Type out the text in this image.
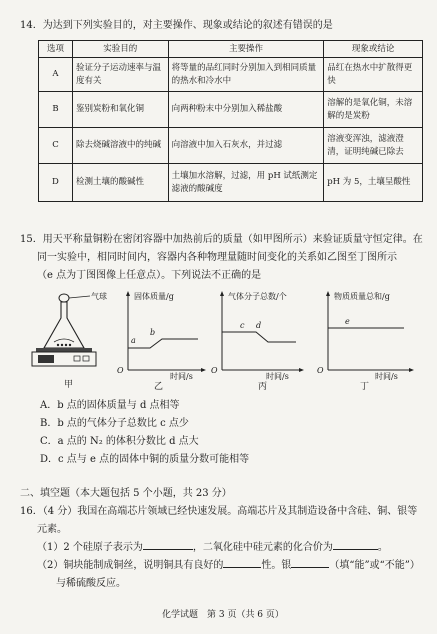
14．为达到下列实验目的，对主要操作、现象或结论的叙述有错误的是
选项	实验目的	主要操作	现象或结论
A	验证分子运动速率与温度有关	将等量的品红同时分别加入到相同质量的热水和冷水中	品红在热水中扩散得更快
B	鉴别炭粉和氧化铜	向两种粉末中分别加入稀盐酸	溶解的是氧化铜，未溶解的是炭粉
C	除去烧碱溶液中的纯碱	向溶液中加入石灰水，并过滤	溶液变浑浊，滤液澄清，证明纯碱已除去
D	检测土壤的酸碱性	土壤加水溶解，过滤，用 pH 试纸测定滤液的酸碱度	pH 为 5，土壤呈酸性
15．用天平称量铜粉在密闭容器中加热前后的质量（如甲图所示）来验证质量守恒定律。在
同一实验中，相同时间内，容器内各种物理量随时间变化的关系如乙图至丁图所示
（e 点为丁图图像上任意点）。下列说法不正确的是
气球
甲
固体质量/g
a
b
O
时间/s
乙
气体分子总数/个
c d
O
时间/s
丙
物质质量总和/g
e
O
时间/s
丁
A．b 点的固体质量与 d 点相等
B．b 点的气体分子总数比 c 点少
C．a 点的 N₂ 的体积分数比 d 点大
D．c 点与 e 点的固体中铜的质量分数可能相等
二、填空题（本大题包括 5 个小题，共 23 分）
16．（4 分）我国在高端芯片领域已经快速发展。高端芯片及其制造设备中含硅、铜、银等
元素。
（1）2 个硅原子表示为	，二氧化硅中硅元素的化合价为	。
（2）铜块能制成铜丝，说明铜具有良好的	性。银	（填“能”或“不能”）
与稀硫酸反应。
化学试题　第 3 页（共 6 页）
